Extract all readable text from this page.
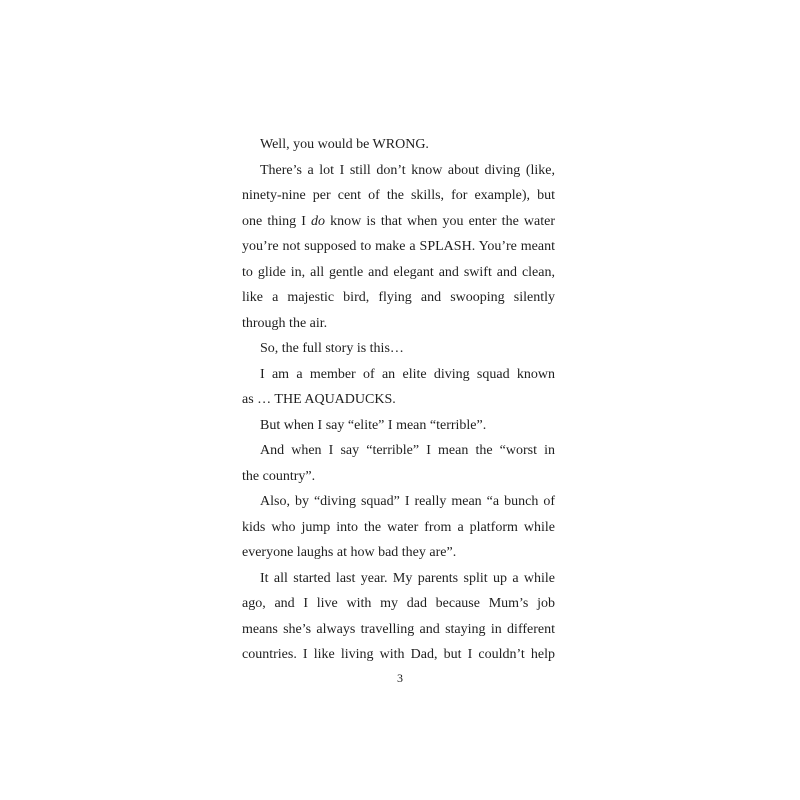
Well, you would be WRONG.
There’s a lot I still don’t know about diving (like,
ninety-nine per cent of the skills, for example), but
one thing I do know is that when you enter the water
you’re not supposed to make a SPLASH. You’re meant
to glide in, all gentle and elegant and swift and clean,
like a majestic bird, flying and swooping silently
through the air.
So, the full story is this…
I am a member of an elite diving squad known
as … THE AQUADUCKS.
But when I say “elite” I mean “terrible”.
And when I say “terrible” I mean the “worst in
the country”.
Also, by “diving squad” I really mean “a bunch of
kids who jump into the water from a platform while
everyone laughs at how bad they are”.
It all started last year. My parents split up a while
ago, and I live with my dad because Mum’s job
means she’s always travelling and staying in different
countries. I like living with Dad, but I couldn’t help
3
